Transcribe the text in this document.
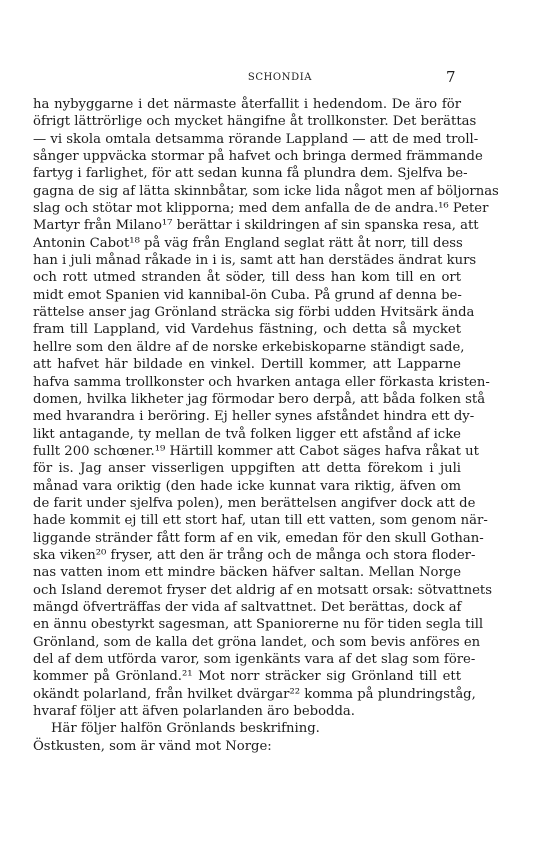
SCHONDIA	7
ha nybyggarne i det närmaste återfallit i hedendom. De äro för
öfrigt lättrörlige och mycket hängifne åt trollkonster. Det berättas
— vi skola omtala detsamma rörande Lappland — att de med troll-
sånger uppväcka stormar på hafvet och bringa dermed främmande
fartyg i farlighet, för att sedan kunna få plundra dem. Sjelfva be-
gagna de sig af lätta skinnbåtar, som icke lida något men af böljornas
slag och stötar mot klipporna; med dem anfalla de de andra.¹⁶ Peter
Martyr från Milano¹⁷ berättar i skildringen af sin spanska resa, att
Antonin Cabot¹⁸ på väg från England seglat rätt åt norr, till dess
han i juli månad råkade in i is, samt att han derstädes ändrat kurs
och rott utmed stranden åt söder, till dess han kom till en ort
midt emot Spanien vid kannibal-ön Cuba. På grund af denna be-
rättelse anser jag Grönland sträcka sig förbi udden Hvitsärk ända
fram till Lappland, vid Vardehus fästning, och detta så mycket
hellre som den äldre af de norske erkebiskoparne ständigt sade,
att hafvet här bildade en vinkel. Dertill kommer, att Lapparne
hafva samma trollkonster och hvarken antaga eller förkasta kristen-
domen, hvilka likheter jag förmodar bero derpå, att båda folken stå
med hvarandra i beröring. Ej heller synes afståndet hindra ett dy-
likt antagande, ty mellan de två folken ligger ett afstånd af icke
fullt 200 schœner.¹⁹ Härtill kommer att Cabot säges hafva råkat ut
för is. Jag anser visserligen uppgiften att detta förekom i juli
månad vara oriktig (den hade icke kunnat vara riktig, äfven om
de farit under sjelfva polen), men berättelsen angifver dock att de
hade kommit ej till ett stort haf, utan till ett vatten, som genom när-
liggande stränder fått form af en vik, emedan för den skull Gothan-
ska viken²⁰ fryser, att den är trång och de många och stora floder-
nas vatten inom ett mindre bäcken häfver saltan. Mellan Norge
och Island deremot fryser det aldrig af en motsatt orsak: sötvattnets
mängd öfverträffas der vida af saltvattnet. Det berättas, dock af
en ännu obestyrkt sagesman, att Spaniorerne nu för tiden segla till
Grönland, som de kalla det gröna landet, och som bevis anföres en
del af dem utförda varor, som igenkänts vara af det slag som före-
kommer på Grönland.²¹ Mot norr sträcker sig Grönland till ett
okändt polarland, från hvilket dvärgar²² komma på plundringståg,
hvaraf följer att äfven polarlanden äro bebodda.
Här följer halfön Grönlands beskrifning.
Östkusten, som är vänd mot Norge:
